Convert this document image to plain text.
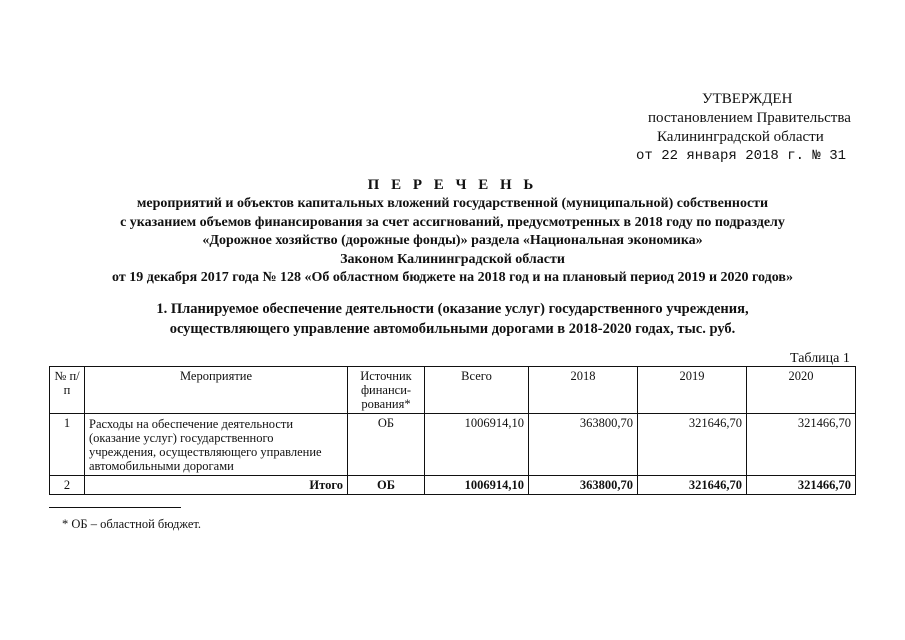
УТВЕРЖДЕН
постановлением Правительства
Калининградской области
от 22 января 2018 г. № 31
П Е Р Е Ч Е Н Ь
мероприятий и объектов капитальных вложений государственной (муниципальной) собственности
с указанием объемов финансирования за счет ассигнований, предусмотренных в 2018 году по подразделу
«Дорожное хозяйство (дорожные фонды)» раздела «Национальная экономика»
Законом Калининградской области
от 19 декабря 2017 года № 128 «Об областном бюджете на 2018 год и на плановый период 2019 и 2020 годов»
1. Планируемое обеспечение деятельности (оказание услуг) государственного учреждения,
осуществляющего управление автомобильными дорогами в 2018-2020 годах, тыс. руб.
Таблица 1
№ п/п	Мероприятие	Источник финанси-рования*	Всего	2018	2019	2020
1	Расходы на обеспечение деятельности (оказание услуг) государственного учреждения, осуществляющего управление автомобильными дорогами	ОБ	1006914,10	363800,70	321646,70	321466,70
2	Итого	ОБ	1006914,10	363800,70	321646,70	321466,70
* ОБ – областной бюджет.
